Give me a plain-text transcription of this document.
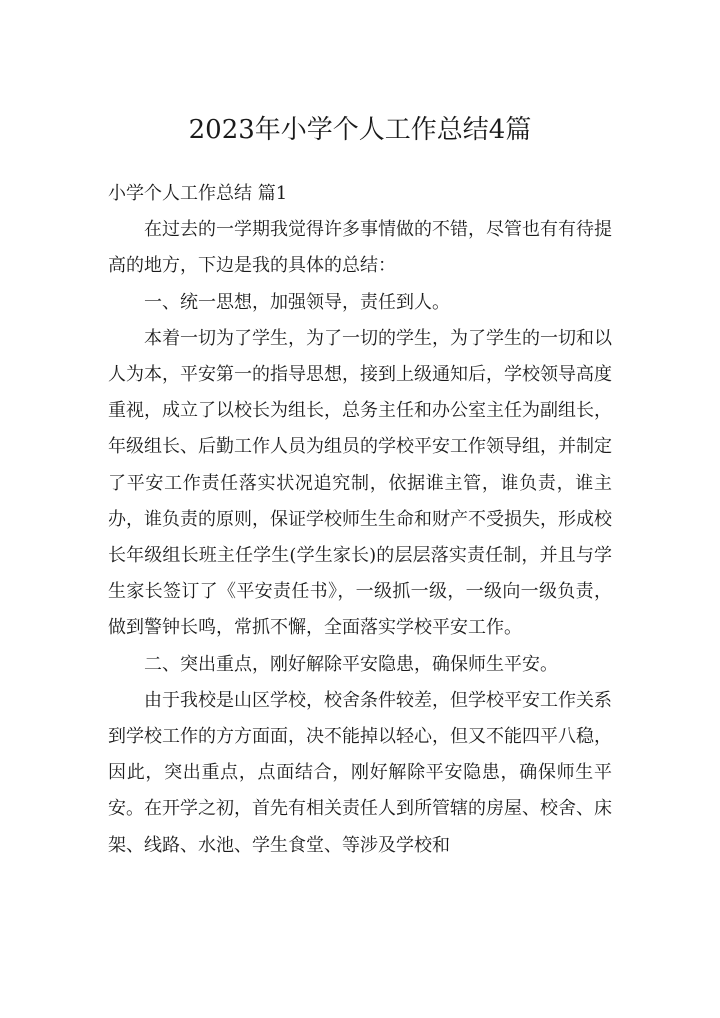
2023年小学个人工作总结4篇

小学个人工作总结 篇1

在过去的一学期我觉得许多事情做的不错，尽管也有有待提高的地方，下边是我的具体的总结：

一、统一思想，加强领导，责任到人。

本着一切为了学生，为了一切的学生，为了学生的一切和以人为本，平安第一的指导思想，接到上级通知后，学校领导高度重视，成立了以校长为组长，总务主任和办公室主任为副组长，年级组长、后勤工作人员为组员的学校平安工作领导组，并制定了平安工作责任落实状况追究制，依据谁主管，谁负责，谁主办，谁负责的原则，保证学校师生生命和财产不受损失，形成校长年级组长班主任学生(学生家长)的层层落实责任制，并且与学生家长签订了《平安责任书》，一级抓一级，一级向一级负责，做到警钟长鸣，常抓不懈，全面落实学校平安工作。

二、突出重点，刚好解除平安隐患，确保师生平安。

由于我校是山区学校，校舍条件较差，但学校平安工作关系到学校工作的方方面面，决不能掉以轻心，但又不能四平八稳，因此，突出重点，点面结合，刚好解除平安隐患，确保师生平安。在开学之初，首先有相关责任人到所管辖的房屋、校舍、床架、线路、水池、学生食堂、等涉及学校和
